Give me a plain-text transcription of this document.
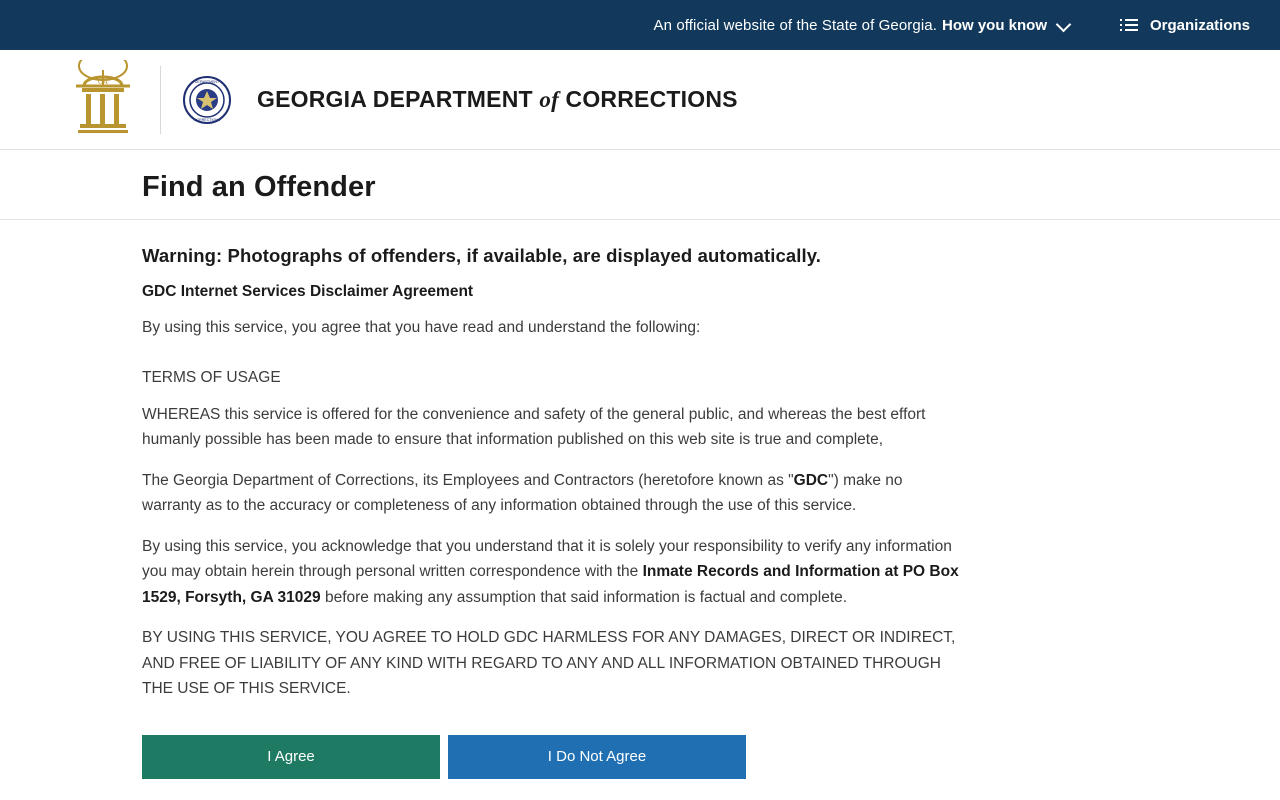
An official website of the State of Georgia. How you know	Organizations
GA	DEPARTMENT
CORRECTIONS
GEORGIA DEPARTMENT of CORRECTIONS
Find an Offender
Warning: Photographs of offenders, if available, are displayed automatically.
GDC Internet Services Disclaimer Agreement

By using this service, you agree that you have read and understand the following:

TERMS OF USAGE

WHEREAS this service is offered for the convenience and safety of the general public, and whereas the best effort humanly possible has been made to ensure that information published on this web site is true and complete,

The Georgia Department of Corrections, its Employees and Contractors (heretofore known as "GDC") make no warranty as to the accuracy or completeness of any information obtained through the use of this service.

By using this service, you acknowledge that you understand that it is solely your responsibility to verify any information you may obtain herein through personal written correspondence with the Inmate Records and Information at PO Box 1529, Forsyth, GA 31029 before making any assumption that said information is factual and complete.

BY USING THIS SERVICE, YOU AGREE TO HOLD GDC HARMLESS FOR ANY DAMAGES, DIRECT OR INDIRECT, AND FREE OF LIABILITY OF ANY KIND WITH REGARD TO ANY AND ALL INFORMATION OBTAINED THROUGH THE USE OF THIS SERVICE.

I Agree	I Do Not Agree
